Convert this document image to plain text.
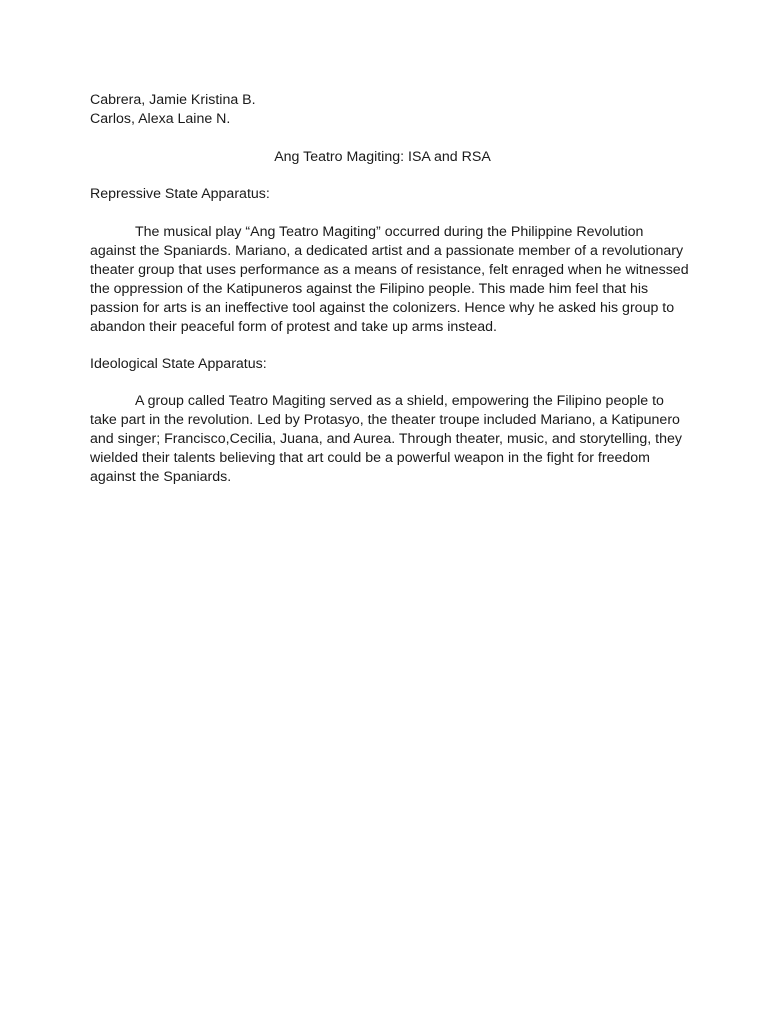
Cabrera, Jamie Kristina B.
Carlos, Alexa Laine N.
Ang Teatro Magiting: ISA and RSA
Repressive State Apparatus:
The musical play “Ang Teatro Magiting” occurred during the Philippine Revolution
against the Spaniards. Mariano, a dedicated artist and a passionate member of a revolutionary
theater group that uses performance as a means of resistance, felt enraged when he witnessed
the oppression of the Katipuneros against the Filipino people. This made him feel that his
passion for arts is an ineffective tool against the colonizers. Hence why he asked his group to
abandon their peaceful form of protest and take up arms instead.
Ideological State Apparatus:
A group called Teatro Magiting served as a shield, empowering the Filipino people to
take part in the revolution. Led by Protasyo, the theater troupe included Mariano, a Katipunero
and singer; Francisco,Cecilia, Juana, and Aurea. Through theater, music, and storytelling, they
wielded their talents believing that art could be a powerful weapon in the fight for freedom
against the Spaniards.
